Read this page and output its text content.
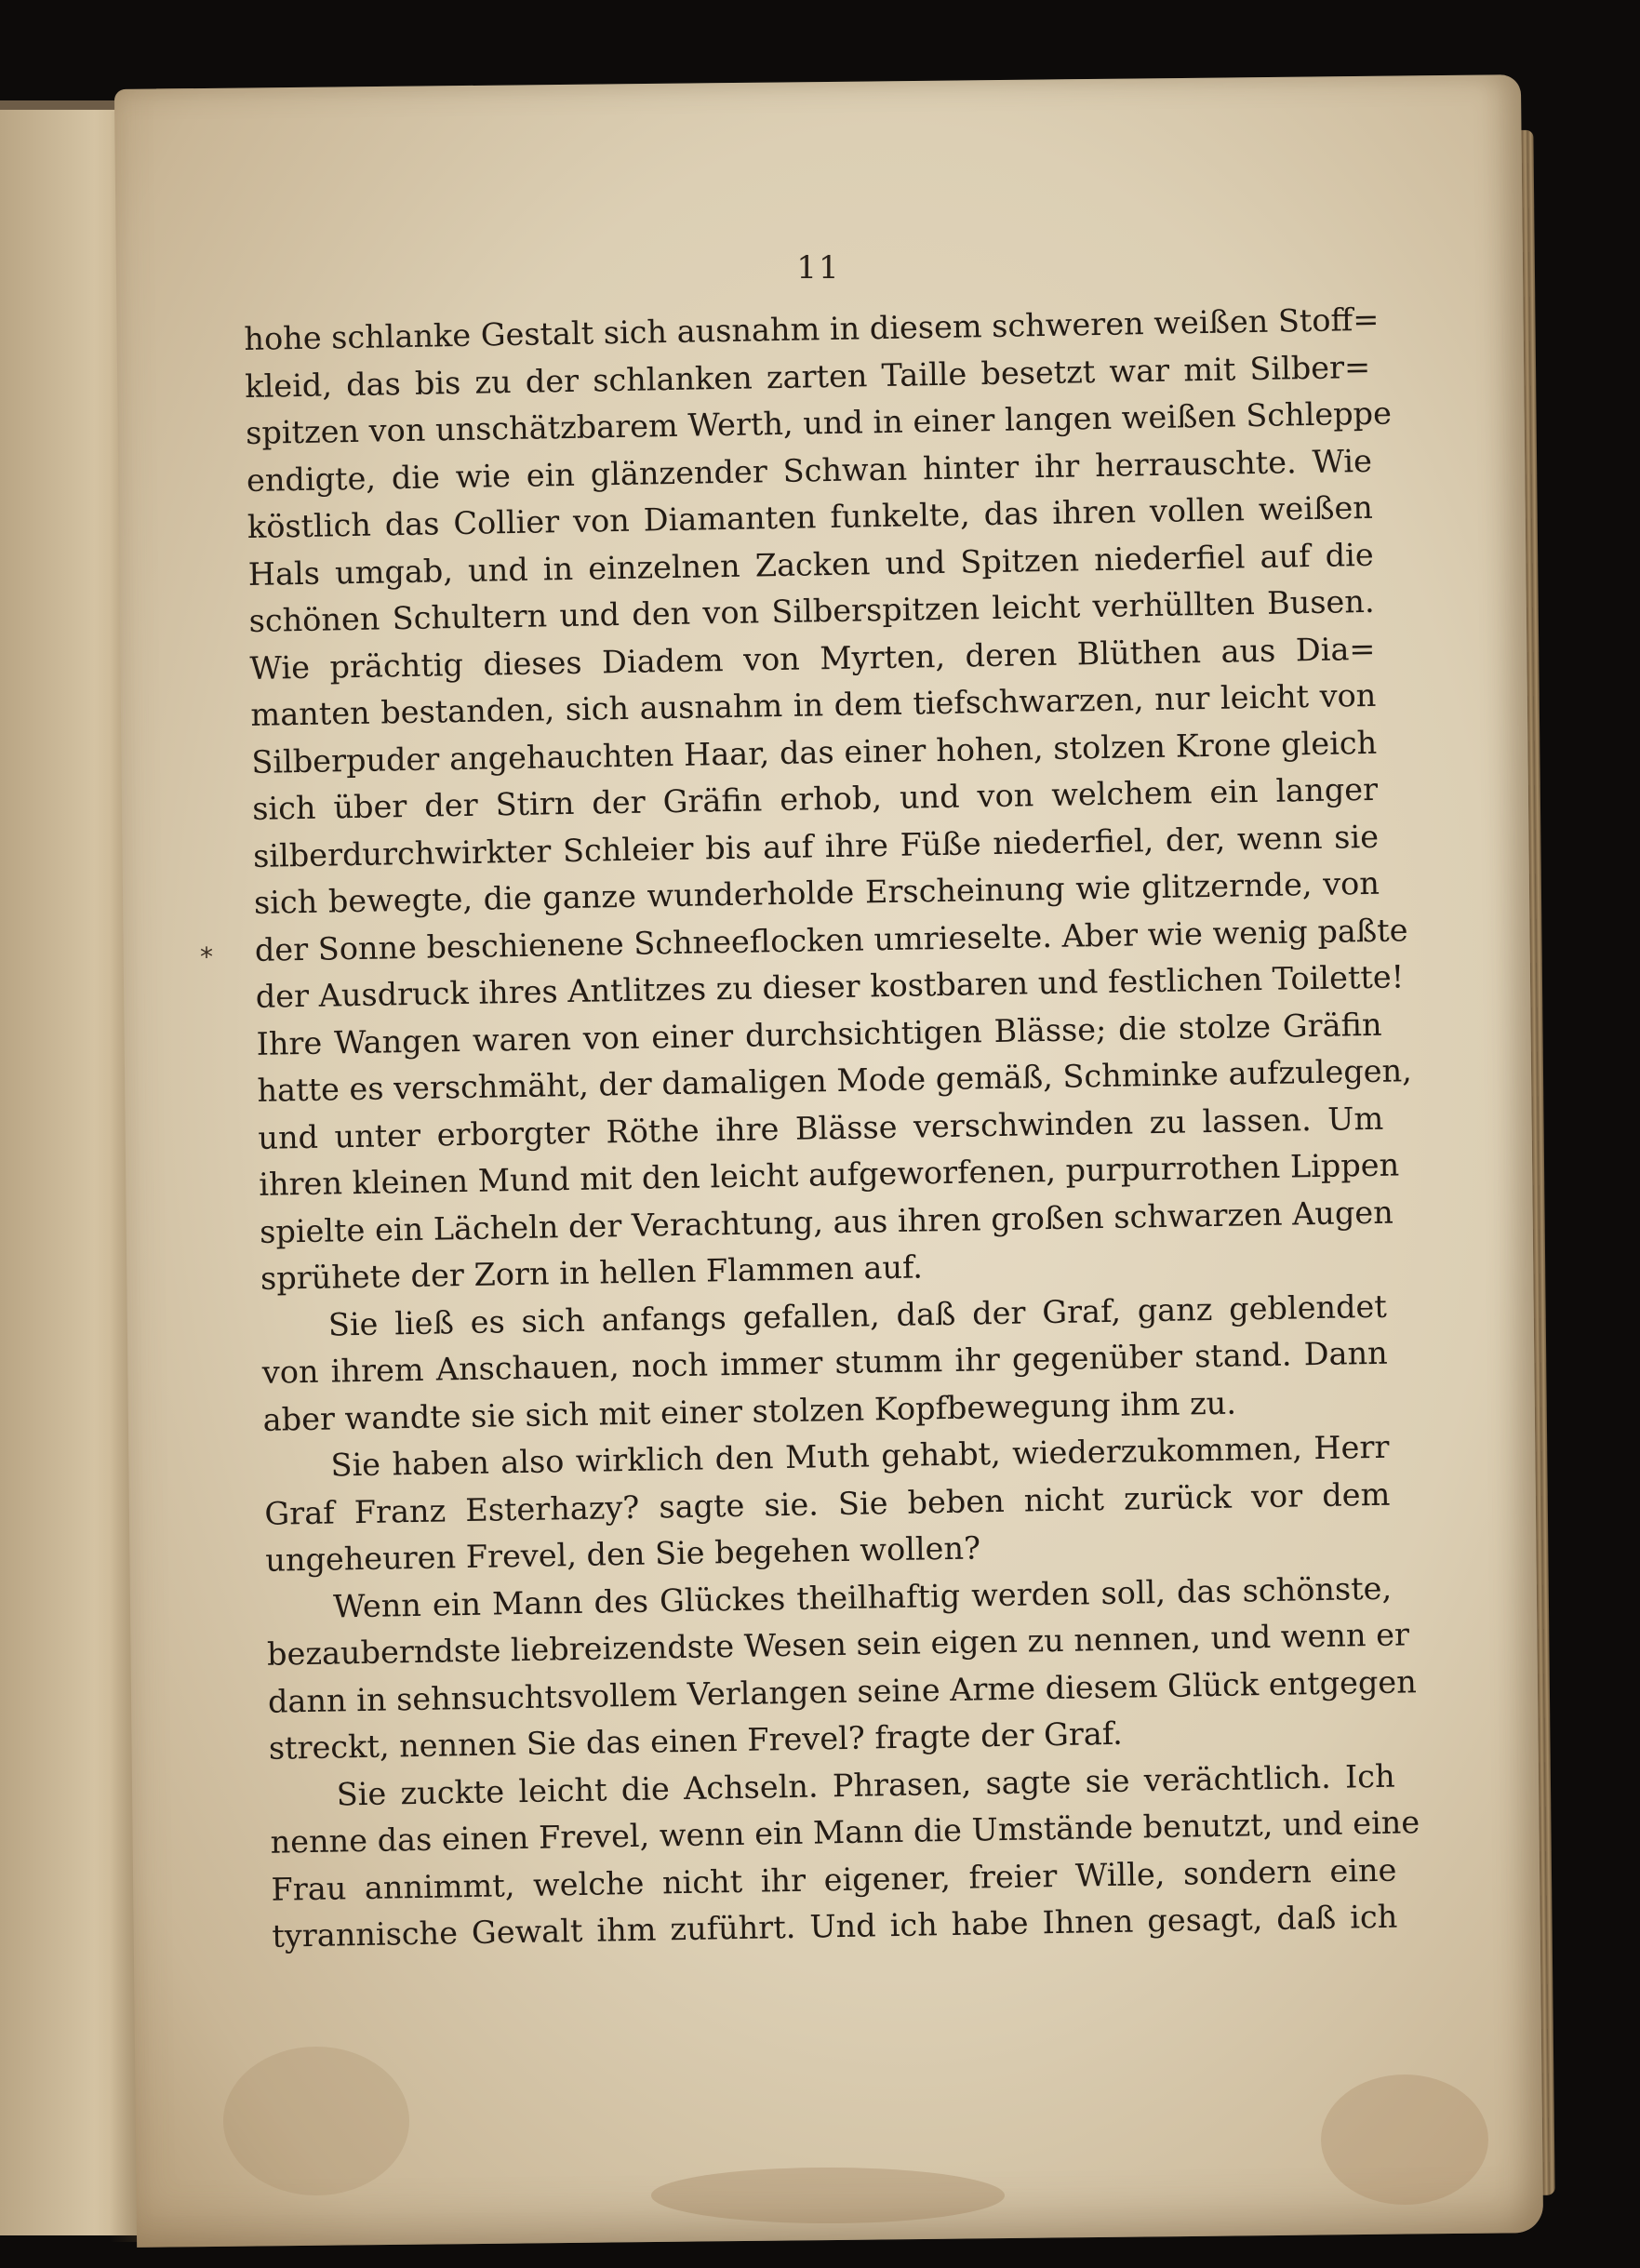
11
*
hohe schlanke Gestalt sich ausnahm in diesem schweren weißen Stoff=
kleid, das bis zu der schlanken zarten Taille besetzt war mit Silber=
spitzen von unschätzbarem Werth, und in einer langen weißen Schleppe
endigte, die wie ein glänzender Schwan hinter ihr herrauschte. Wie
köstlich das Collier von Diamanten funkelte, das ihren vollen weißen
Hals umgab, und in einzelnen Zacken und Spitzen niederfiel auf die
schönen Schultern und den von Silberspitzen leicht verhüllten Busen.
Wie prächtig dieses Diadem von Myrten, deren Blüthen aus Dia=
manten bestanden, sich ausnahm in dem tiefschwarzen, nur leicht von
Silberpuder angehauchten Haar, das einer hohen, stolzen Krone gleich
sich über der Stirn der Gräfin erhob, und von welchem ein langer
silberdurchwirkter Schleier bis auf ihre Füße niederfiel, der, wenn sie
sich bewegte, die ganze wunderholde Erscheinung wie glitzernde, von
der Sonne beschienene Schneeflocken umrieselte. Aber wie wenig paßte
der Ausdruck ihres Antlitzes zu dieser kostbaren und festlichen Toilette!
Ihre Wangen waren von einer durchsichtigen Blässe; die stolze Gräfin
hatte es verschmäht, der damaligen Mode gemäß, Schminke aufzulegen,
und unter erborgter Röthe ihre Blässe verschwinden zu lassen. Um
ihren kleinen Mund mit den leicht aufgeworfenen, purpurrothen Lippen
spielte ein Lächeln der Verachtung, aus ihren großen schwarzen Augen
sprühete der Zorn in hellen Flammen auf.
Sie ließ es sich anfangs gefallen, daß der Graf, ganz geblendet
von ihrem Anschauen, noch immer stumm ihr gegenüber stand. Dann
aber wandte sie sich mit einer stolzen Kopfbewegung ihm zu.
Sie haben also wirklich den Muth gehabt, wiederzukommen, Herr
Graf Franz Esterhazy? sagte sie. Sie beben nicht zurück vor dem
ungeheuren Frevel, den Sie begehen wollen?
Wenn ein Mann des Glückes theilhaftig werden soll, das schönste,
bezauberndste liebreizendste Wesen sein eigen zu nennen, und wenn er
dann in sehnsuchtsvollem Verlangen seine Arme diesem Glück entgegen
streckt, nennen Sie das einen Frevel? fragte der Graf.
Sie zuckte leicht die Achseln. Phrasen, sagte sie verächtlich. Ich
nenne das einen Frevel, wenn ein Mann die Umstände benutzt, und eine
Frau annimmt, welche nicht ihr eigener, freier Wille, sondern eine
tyrannische Gewalt ihm zuführt. Und ich habe Ihnen gesagt, daß ich
